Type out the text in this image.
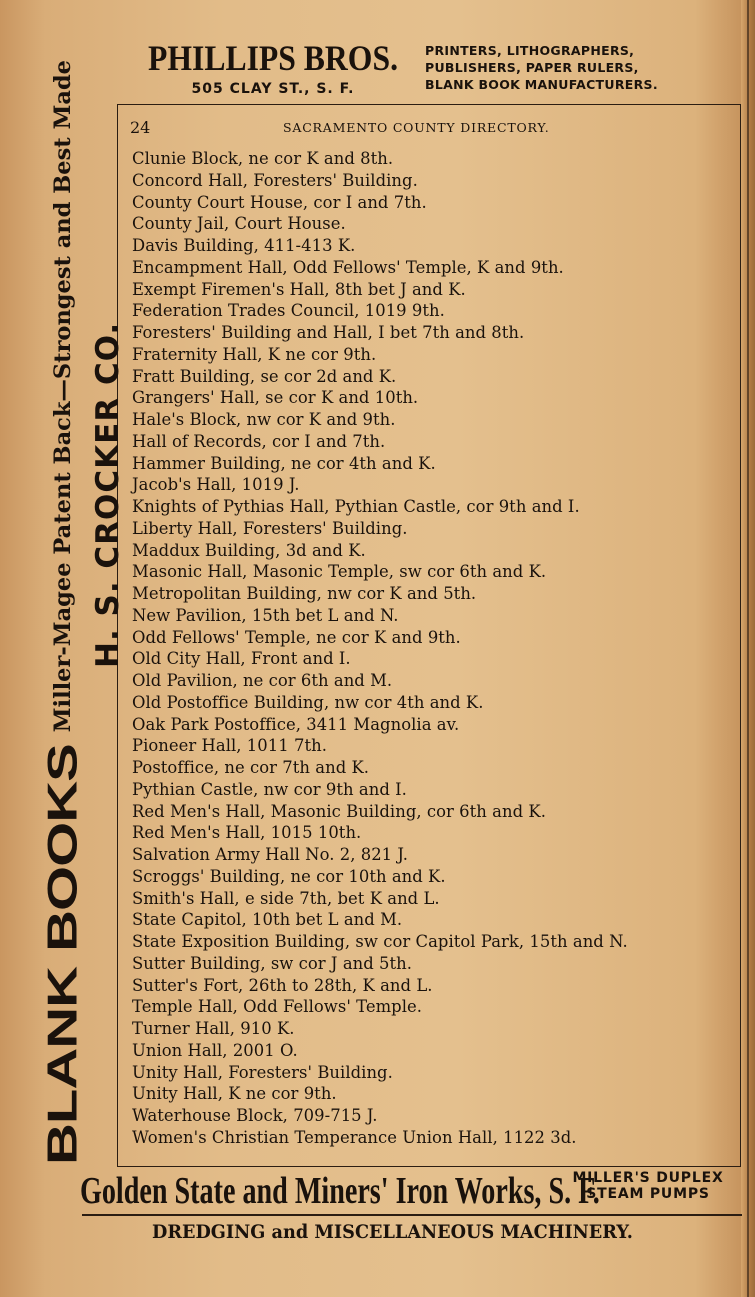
PHILLIPS BROS.
505 CLAY ST., S. F.
PRINTERS, LITHOGRAPHERS,
PUBLISHERS, PAPER RULERS,
BLANK BOOK MANUFACTURERS.
24	SACRAMENTO COUNTY DIRECTORY.
Clunie Block, ne cor K and 8th.
Concord Hall, Foresters' Building.
County Court House, cor I and 7th.
County Jail, Court House.
Davis Building, 411-413 K.
Encampment Hall, Odd Fellows' Temple, K and 9th.
Exempt Firemen's Hall, 8th bet J and K.
Federation Trades Council, 1019 9th.
Foresters' Building and Hall, I bet 7th and 8th.
Fraternity Hall, K ne cor 9th.
Fratt Building, se cor 2d and K.
Grangers' Hall, se cor K and 10th.
Hale's Block, nw cor K and 9th.
Hall of Records, cor I and 7th.
Hammer Building, ne cor 4th and K.
Jacob's Hall, 1019 J.
Knights of Pythias Hall, Pythian Castle, cor 9th and I.
Liberty Hall, Foresters' Building.
Maddux Building, 3d and K.
Masonic Hall, Masonic Temple, sw cor 6th and K.
Metropolitan Building, nw cor K and 5th.
New Pavilion, 15th bet L and N.
Odd Fellows' Temple, ne cor K and 9th.
Old City Hall, Front and I.
Old Pavilion, ne cor 6th and M.
Old Postoffice Building, nw cor 4th and K.
Oak Park Postoffice, 3411 Magnolia av.
Pioneer Hall, 1011 7th.
Postoffice, ne cor 7th and K.
Pythian Castle, nw cor 9th and I.
Red Men's Hall, Masonic Building, cor 6th and K.
Red Men's Hall, 1015 10th.
Salvation Army Hall No. 2, 821 J.
Scroggs' Building, ne cor 10th and K.
Smith's Hall, e side 7th, bet K and L.
State Capitol, 10th bet L and M.
State Exposition Building, sw cor Capitol Park, 15th and N.
Sutter Building, sw cor J and 5th.
Sutter's Fort, 26th to 28th, K and L.
Temple Hall, Odd Fellows' Temple.
Turner Hall, 910 K.
Union Hall, 2001 O.
Unity Hall, Foresters' Building.
Unity Hall, K ne cor 9th.
Waterhouse Block, 709-715 J.
Women's Christian Temperance Union Hall, 1122 3d.
BLANK BOOKS Miller-Magee Patent Back—Strongest and Best Made H. S. CROCKER CO.
Golden State and Miners' Iron Works, S. F.
MILLER'S DUPLEX
STEAM PUMPS
DREDGING and MISCELLANEOUS MACHINERY.
